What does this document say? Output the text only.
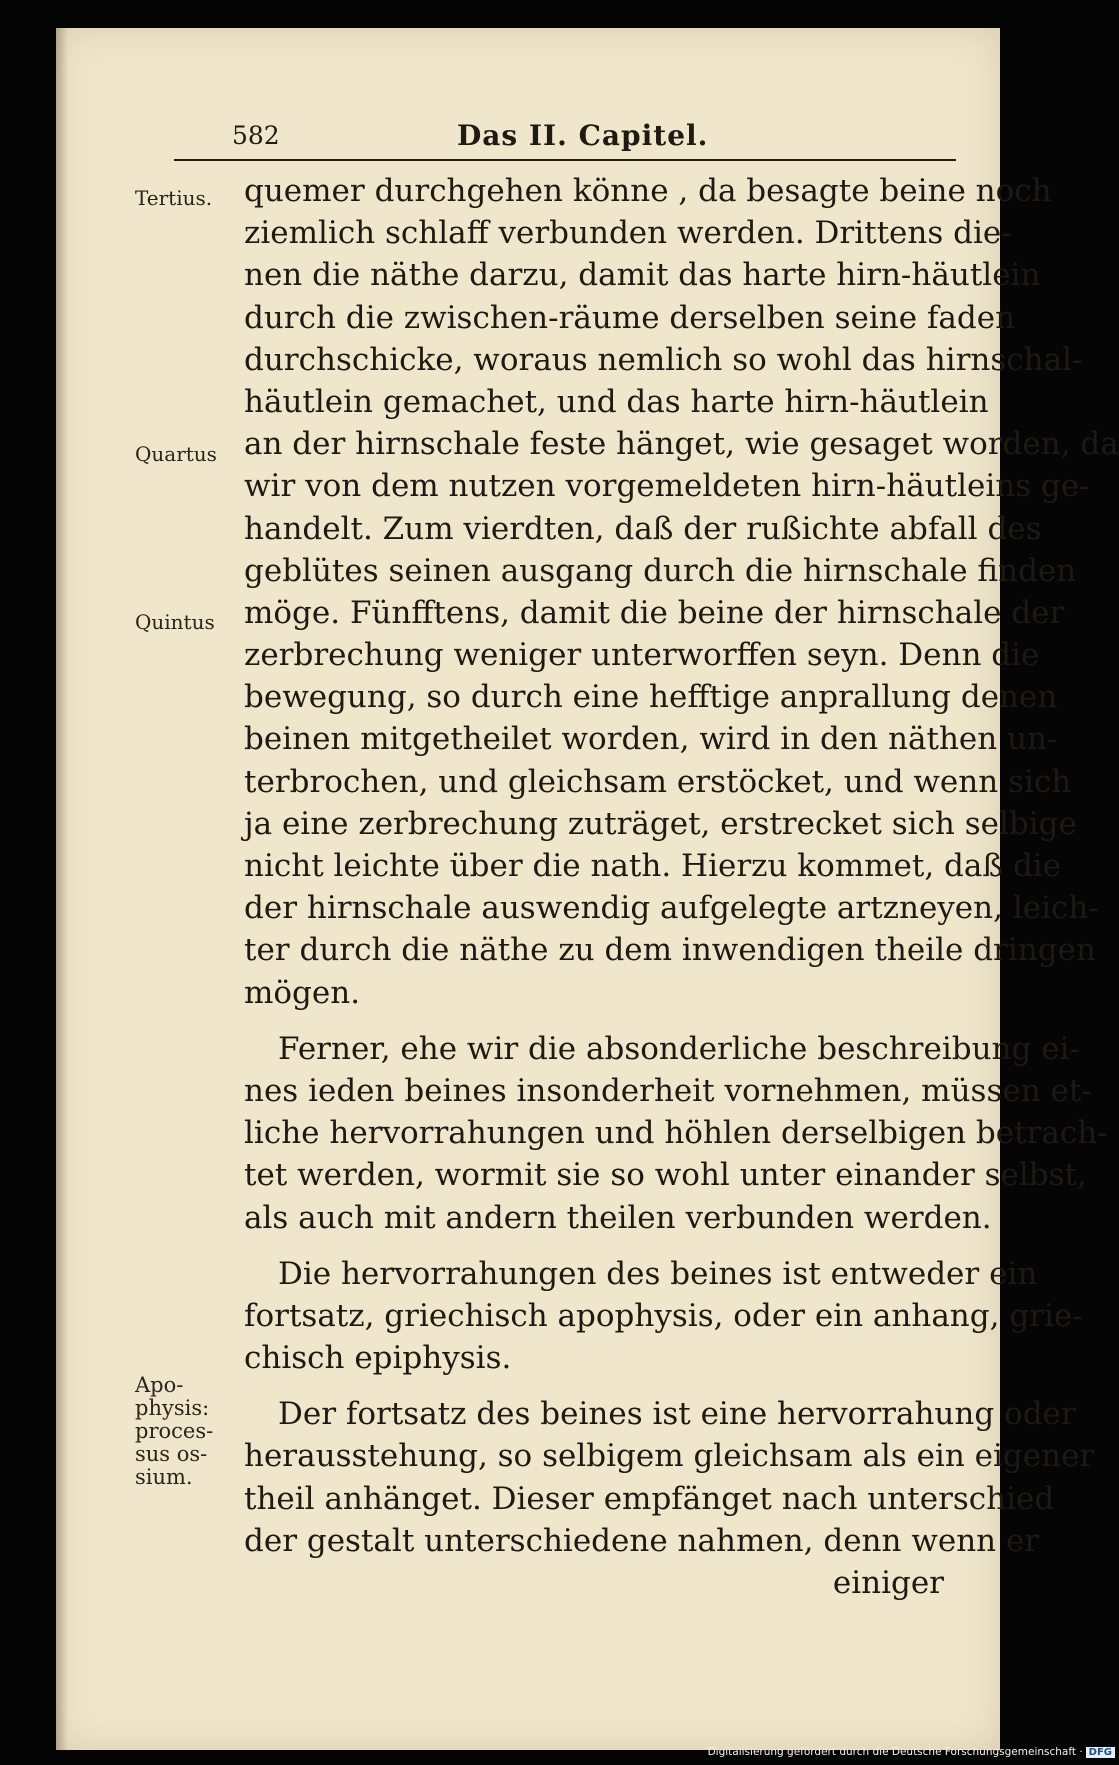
582	Das II. Capitel.
Tertius.
Quartus
Quintus
Apo-
physis:
proces-
sus os-
sium.
quemer durchgehen könne , da besagte beine noch
ziemlich schlaff verbunden werden. Drittens die-
nen die näthe darzu, damit das harte hirn-häutlein
durch die zwischen-räume derselben seine faden
durchschicke, woraus nemlich so wohl das hirnschal-
häutlein gemachet, und das harte hirn-häutlein
an der hirnschale feste hänget, wie gesaget worden, da
wir von dem nutzen vorgemeldeten hirn-häutleins ge-
handelt. Zum vierdten, daß der rußichte abfall des
geblütes seinen ausgang durch die hirnschale finden
möge. Fünfftens, damit die beine der hirnschale der
zerbrechung weniger unterworffen seyn. Denn die
bewegung, so durch eine hefftige anprallung denen
beinen mitgetheilet worden, wird in den näthen un-
terbrochen, und gleichsam erstöcket, und wenn sich
ja eine zerbrechung zuträget, erstrecket sich selbige
nicht leichte über die nath. Hierzu kommet, daß die
der hirnschale auswendig aufgelegte artzneyen, leich-
ter durch die näthe zu dem inwendigen theile dringen
mögen.
Ferner, ehe wir die absonderliche beschreibung ei-
nes ieden beines insonderheit vornehmen, müssen et-
liche hervorrahungen und höhlen derselbigen betrach-
tet werden, wormit sie so wohl unter einander selbst,
als auch mit andern theilen verbunden werden.
Die hervorrahungen des beines ist entweder ein
fortsatz, griechisch apophysis, oder ein anhang, grie-
chisch epiphysis.
Der fortsatz des beines ist eine hervorrahung oder
herausstehung, so selbigem gleichsam als ein eigener
theil anhänget. Dieser empfänget nach unterschied
der gestalt unterschiedene nahmen, denn wenn er
einiger
Digitalisierung gefördert durch die Deutsche Forschungsgemeinschaft · DFG
